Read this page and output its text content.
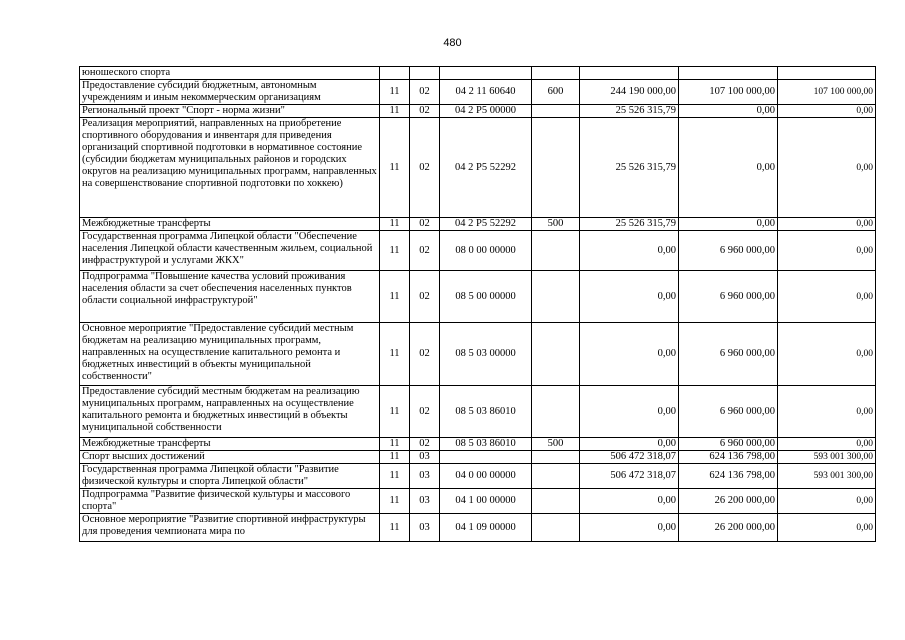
480
юношеского спорта							
Предоставление субсидий бюджетным, автономным учреждениям и иным некоммерческим организациям	11	02	04 2 11 60640	600	244 190 000,00	107 100 000,00	107 100 000,00
Региональный проект "Спорт - норма жизни"	11	02	04 2 P5 00000		25 526 315,79	0,00	0,00
Реализация мероприятий, направленных на приобретение спортивного оборудования и инвентаря для приведения организаций спортивной подготовки в нормативное состояние (субсидии бюджетам муниципальных районов и городских округов на реализацию муниципальных программ, направленных на совершенствование спортивной подготовки по хоккею)	11	02	04 2 P5 52292		25 526 315,79	0,00	0,00
Межбюджетные трансферты	11	02	04 2 P5 52292	500	25 526 315,79	0,00	0,00
Государственная программа Липецкой области "Обеспечение населения Липецкой области качественным жильем, социальной инфраструктурой и услугами ЖКХ"	11	02	08 0 00 00000		0,00	6 960 000,00	0,00
Подпрограмма "Повышение качества условий проживания населения области за счет обеспечения населенных пунктов области социальной инфраструктурой"	11	02	08 5 00 00000		0,00	6 960 000,00	0,00
Основное мероприятие "Предоставление субсидий местным бюджетам на реализацию муниципальных программ, направленных на осуществление капитального ремонта и бюджетных инвестиций в объекты муниципальной собственности"	11	02	08 5 03 00000		0,00	6 960 000,00	0,00
Предоставление субсидий местным бюджетам на реализацию муниципальных программ, направленных на осуществление капитального ремонта и бюджетных инвестиций в объекты муниципальной собственности	11	02	08 5 03 86010		0,00	6 960 000,00	0,00
Межбюджетные трансферты	11	02	08 5 03 86010	500	0,00	6 960 000,00	0,00
Спорт высших достижений	11	03			506 472 318,07	624 136 798,00	593 001 300,00
Государственная программа Липецкой области "Развитие физической культуры и спорта Липецкой области"	11	03	04 0 00 00000		506 472 318,07	624 136 798,00	593 001 300,00
Подпрограмма "Развитие физической культуры и массового спорта"	11	03	04 1 00 00000		0,00	26 200 000,00	0,00
Основное мероприятие "Развитие спортивной инфраструктуры для проведения чемпионата мира по	11	03	04 1 09 00000		0,00	26 200 000,00	0,00
